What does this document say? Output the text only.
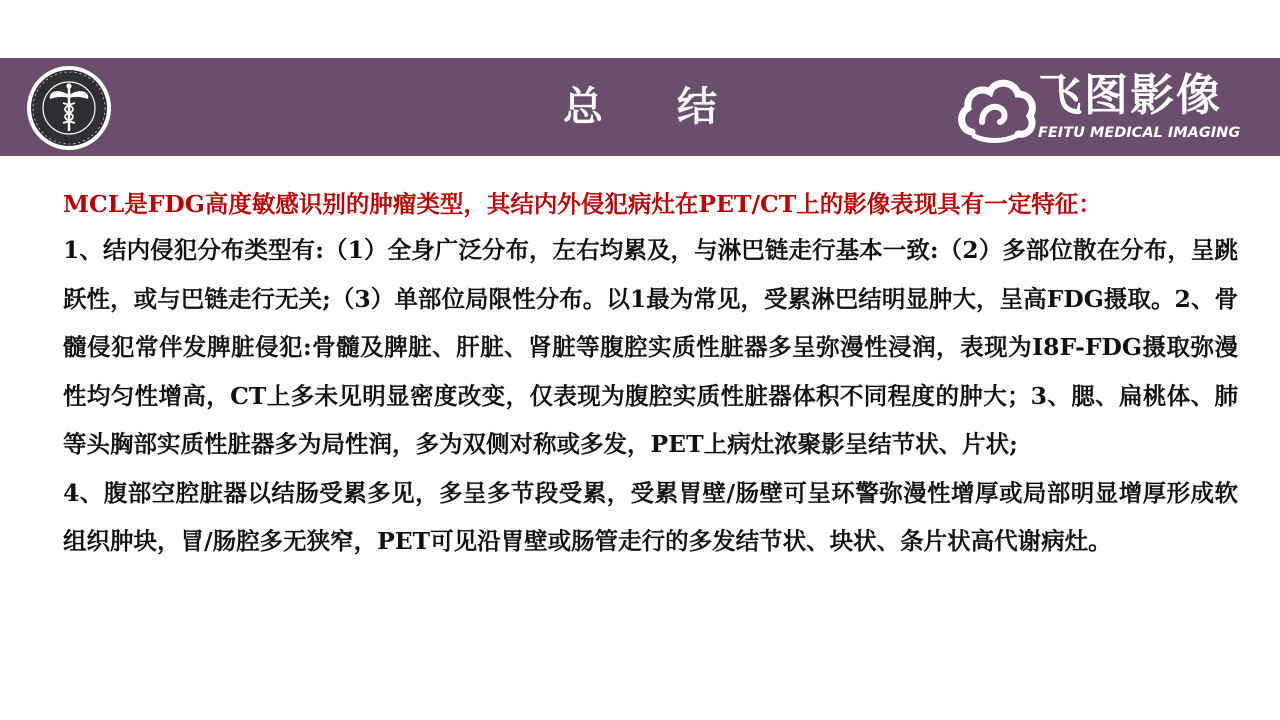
总 结	飞图影像
FEITU MEDICAL IMAGING

MCL是FDG高度敏感识别的肿瘤类型，其结内外侵犯病灶在PET/CT上的影像表现具有一定特征：

1、结内侵犯分布类型有:（1）全身广泛分布，左右均累及，与淋巴链走行基本一致:（2）多部位散在分布，呈跳跃性，或与巴链走行无关;（3）单部位局限性分布。以1最为常见，受累淋巴结明显肿大，呈高FDG摄取。2、骨髓侵犯常伴发脾脏侵犯:骨髓及脾脏、肝脏、肾脏等腹腔实质性脏器多呈弥漫性浸润，表现为I8F-FDG摄取弥漫性均匀性增高，CT上多未见明显密度改变，仅表现为腹腔实质性脏器体积不同程度的肿大；3、腮、扁桃体、肺等头胸部实质性脏器多为局性润，多为双侧对称或多发，PET上病灶浓聚影呈结节状、片状;

4、腹部空腔脏器以结肠受累多见，多呈多节段受累，受累胃壁/肠壁可呈环警弥漫性增厚或局部明显增厚形成软组织肿块，冒/肠腔多无狭窄，PET可见沿胃壁或肠管走行的多发结节状、块状、条片状高代谢病灶。
